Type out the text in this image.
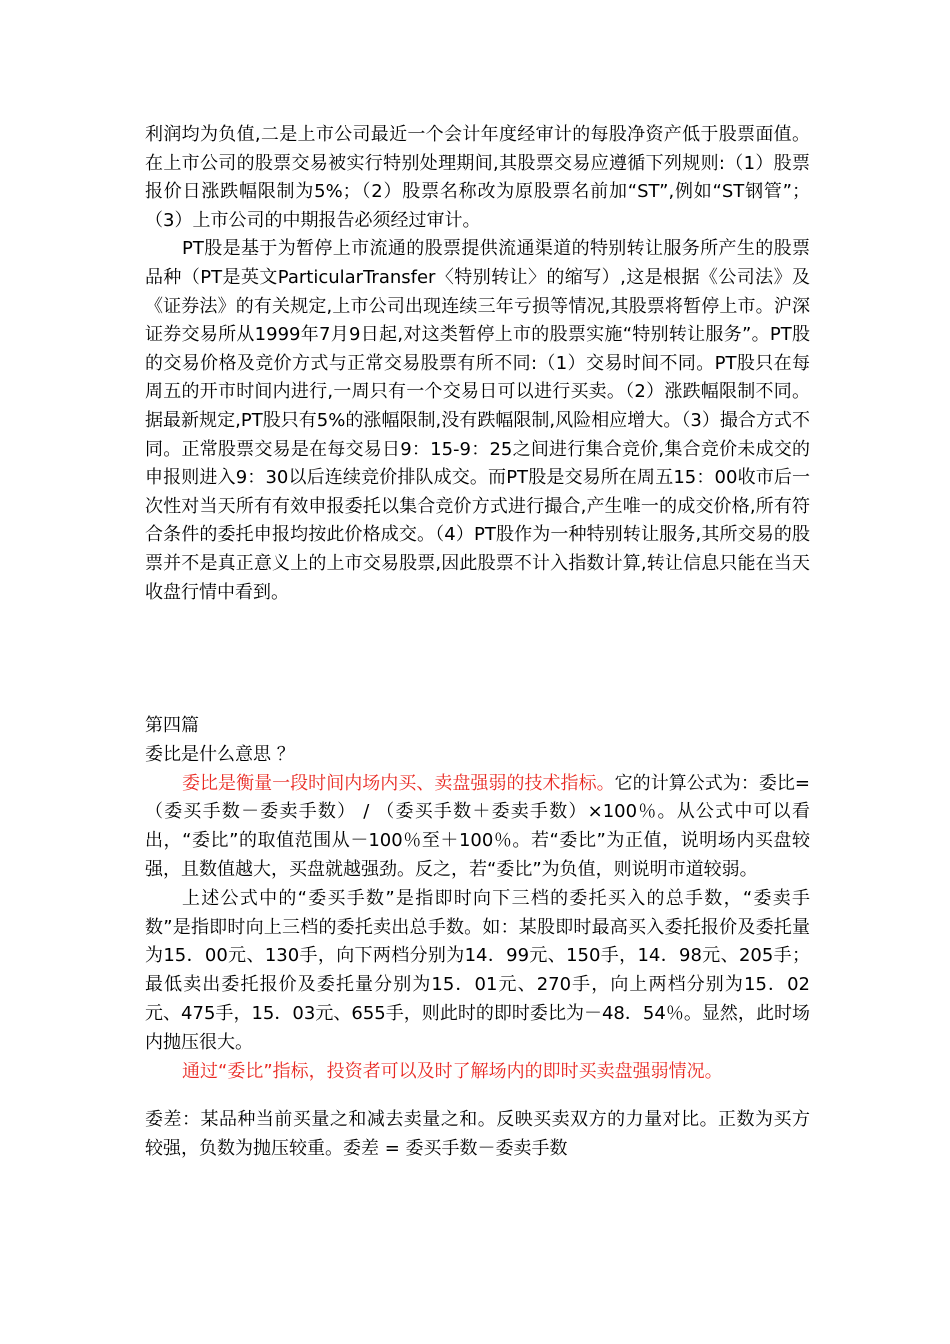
利润均为负值,二是上市公司最近一个会计年度经审计的每股净资产低于股票面值。在上市公司的股票交易被实行特别处理期间,其股票交易应遵循下列规则:（1）股票报价日涨跌幅限制为5%；（2）股票名称改为原股票名前加“ST”,例如“ST钢管”；（3）上市公司的中期报告必须经过审计。

PT股是基于为暂停上市流通的股票提供流通渠道的特别转让服务所产生的股票品种（PT是英文ParticularTransfer〈特别转让〉的缩写）,这是根据《公司法》及《证券法》的有关规定,上市公司出现连续三年亏损等情况,其股票将暂停上市。沪深证券交易所从1999年7月9日起,对这类暂停上市的股票实施“特别转让服务”。PT股的交易价格及竞价方式与正常交易股票有所不同:（1）交易时间不同。PT股只在每周五的开市时间内进行,一周只有一个交易日可以进行买卖。（2）涨跌幅限制不同。据最新规定,PT股只有5%的涨幅限制,没有跌幅限制,风险相应增大。（3）撮合方式不同。正常股票交易是在每交易日9：15-9：25之间进行集合竞价,集合竞价未成交的申报则进入9：30以后连续竞价排队成交。而PT股是交易所在周五15：00收市后一次性对当天所有有效申报委托以集合竞价方式进行撮合,产生唯一的成交价格,所有符合条件的委托申报均按此价格成交。（4）PT股作为一种特别转让服务,其所交易的股票并不是真正意义上的上市交易股票,因此股票不计入指数计算,转让信息只能在当天收盘行情中看到。

第四篇

委比是什么意思 ？

委比是衡量一段时间内场内买、卖盘强弱的技术指标。它的计算公式为：委比=（委买手数－委卖手数） / （委买手数＋委卖手数）×100％。从公式中可以看出，“委比”的取值范围从－100％至＋100％。若“委比”为正值，说明场内买盘较强，且数值越大，买盘就越强劲。反之，若“委比”为负值，则说明市道较弱。

上述公式中的“委买手数”是指即时向下三档的委托买入的总手数，“委卖手数”是指即时向上三档的委托卖出总手数。如：某股即时最高买入委托报价及委托量为15．00元、130手，向下两档分别为14．99元、150手，14．98元、205手；最低卖出委托报价及委托量分别为15．01元、270手，向上两档分别为15．02元、475手，15．03元、655手，则此时的即时委比为－48．54％。显然，此时场内抛压很大。

通过“委比”指标，投资者可以及时了解场内的即时买卖盘强弱情况。

委差：某品种当前买量之和减去卖量之和。反映买卖双方的力量对比。正数为买方较强，负数为抛压较重。委差 = 委买手数－委卖手数
